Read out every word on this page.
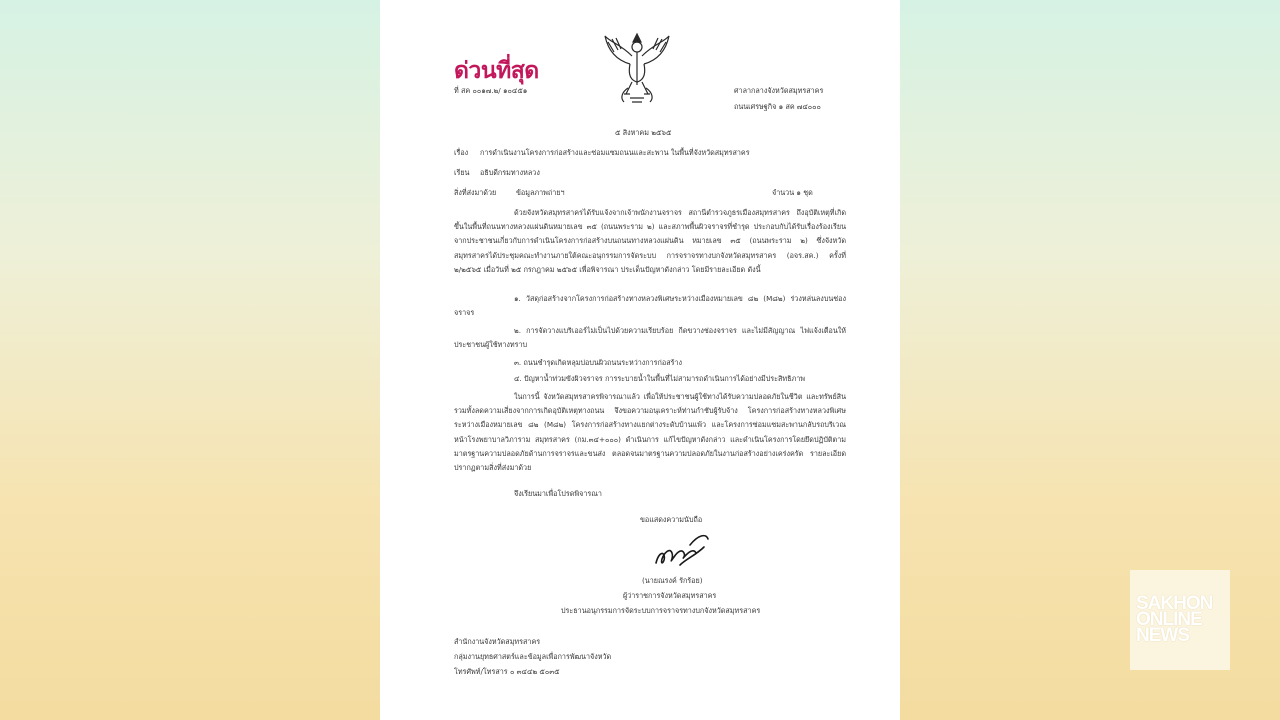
ด่วนที่สุด
ที่ สค ๐๐๑๗.๒/ ๑๐๔๕๑	ศาลากลางจังหวัดสมุทรสาคร
ถนนเศรษฐกิจ ๑ สค ๗๔๐๐๐
๕ สิงหาคม ๒๕๖๕
เรื่อง การดำเนินงานโครงการก่อสร้างและซ่อมแซมถนนและสะพาน ในพื้นที่จังหวัดสมุทรสาคร
เรียน อธิบดีกรมทางหลวง
สิ่งที่ส่งมาด้วย	ข้อมูลภาพถ่ายฯ	จำนวน ๑ ชุด
ด้วยจังหวัดสมุทรสาครได้รับแจ้งจากเจ้าพนักงานจราจร สถานีตำรวจภูธรเมืองสมุทรสาคร ถึงอุบัติเหตุที่เกิดขึ้นในพื้นที่ถนนทางหลวงแผ่นดินหมายเลข ๓๕ (ถนนพระราม ๒) และสภาพพื้นผิวจราจรที่ชำรุด ประกอบกับได้รับเรื่องร้องเรียนจากประชาชนเกี่ยวกับการดำเนินโครงการก่อสร้างบนถนนทางหลวงแผ่นดิน หมายเลข ๓๕ (ถนนพระราม ๒) ซึ่งจังหวัดสมุทรสาครได้ประชุมคณะทำงานภายใต้คณะอนุกรรมการจัดระบบ การจราจรทางบกจังหวัดสมุทรสาคร (อจร.สค.) ครั้งที่ ๒/๒๕๖๕ เมื่อวันที่ ๒๕ กรกฎาคม ๒๕๖๕ เพื่อพิจารณา ประเด็นปัญหาดังกล่าว โดยมีรายละเอียด ดังนี้
๑. วัสดุก่อสร้างจากโครงการก่อสร้างทางหลวงพิเศษระหว่างเมืองหมายเลข ๘๒ (M๘๒) ร่วงหล่นลงบนช่องจราจร
๒. การจัดวางแบริเออร์ไม่เป็นไปด้วยความเรียบร้อย กีดขวางช่องจราจร และไม่มีสัญญาณ ไฟแจ้งเตือนให้ประชาชนผู้ใช้ทางทราบ
๓. ถนนชำรุดเกิดหลุมบ่อบนผิวถนนระหว่างการก่อสร้าง
๔. ปัญหาน้ำท่วมขังผิวจราจร การระบายน้ำในพื้นที่ไม่สามารถดำเนินการได้อย่างมีประสิทธิภาพ
ในการนี้ จังหวัดสมุทรสาครพิจารณาแล้ว เพื่อให้ประชาชนผู้ใช้ทางได้รับความปลอดภัยในชีวิต และทรัพย์สิน รวมทั้งลดความเสี่ยงจากการเกิดอุบัติเหตุทางถนน จึงขอความอนุเคราะห์ท่านกำชับผู้รับจ้าง โครงการก่อสร้างทางหลวงพิเศษระหว่างเมืองหมายเลข ๘๒ (M๘๒) โครงการก่อสร้างทางแยกต่างระดับบ้านแพ้ว และโครงการซ่อมแซมสะพานกลับรถบริเวณหน้าโรงพยาบาลวิภาราม สมุทรสาคร (กม.๓๔+๐๐๐) ดำเนินการ แก้ไขปัญหาดังกล่าว และดำเนินโครงการโดยยึดปฏิบัติตามมาตรฐานความปลอดภัยด้านการจราจรและขนส่ง ตลอดจนมาตรฐานความปลอดภัยในงานก่อสร้างอย่างเคร่งครัด รายละเอียดปรากฏตามสิ่งที่ส่งมาด้วย
จึงเรียนมาเพื่อโปรดพิจารณา
ขอแสดงความนับถือ
(นายณรงค์ รักร้อย)
ผู้ว่าราชการจังหวัดสมุทรสาคร
ประธานอนุกรรมการจัดระบบการจราจรทางบกจังหวัดสมุทรสาคร
สำนักงานจังหวัดสมุทรสาคร
กลุ่มงานยุทธศาสตร์และข้อมูลเพื่อการพัฒนาจังหวัด
โทรศัพท์/โทรสาร ๐ ๓๔๔๒ ๕๐๓๕
SAKHON
ONLINE
NEWS
